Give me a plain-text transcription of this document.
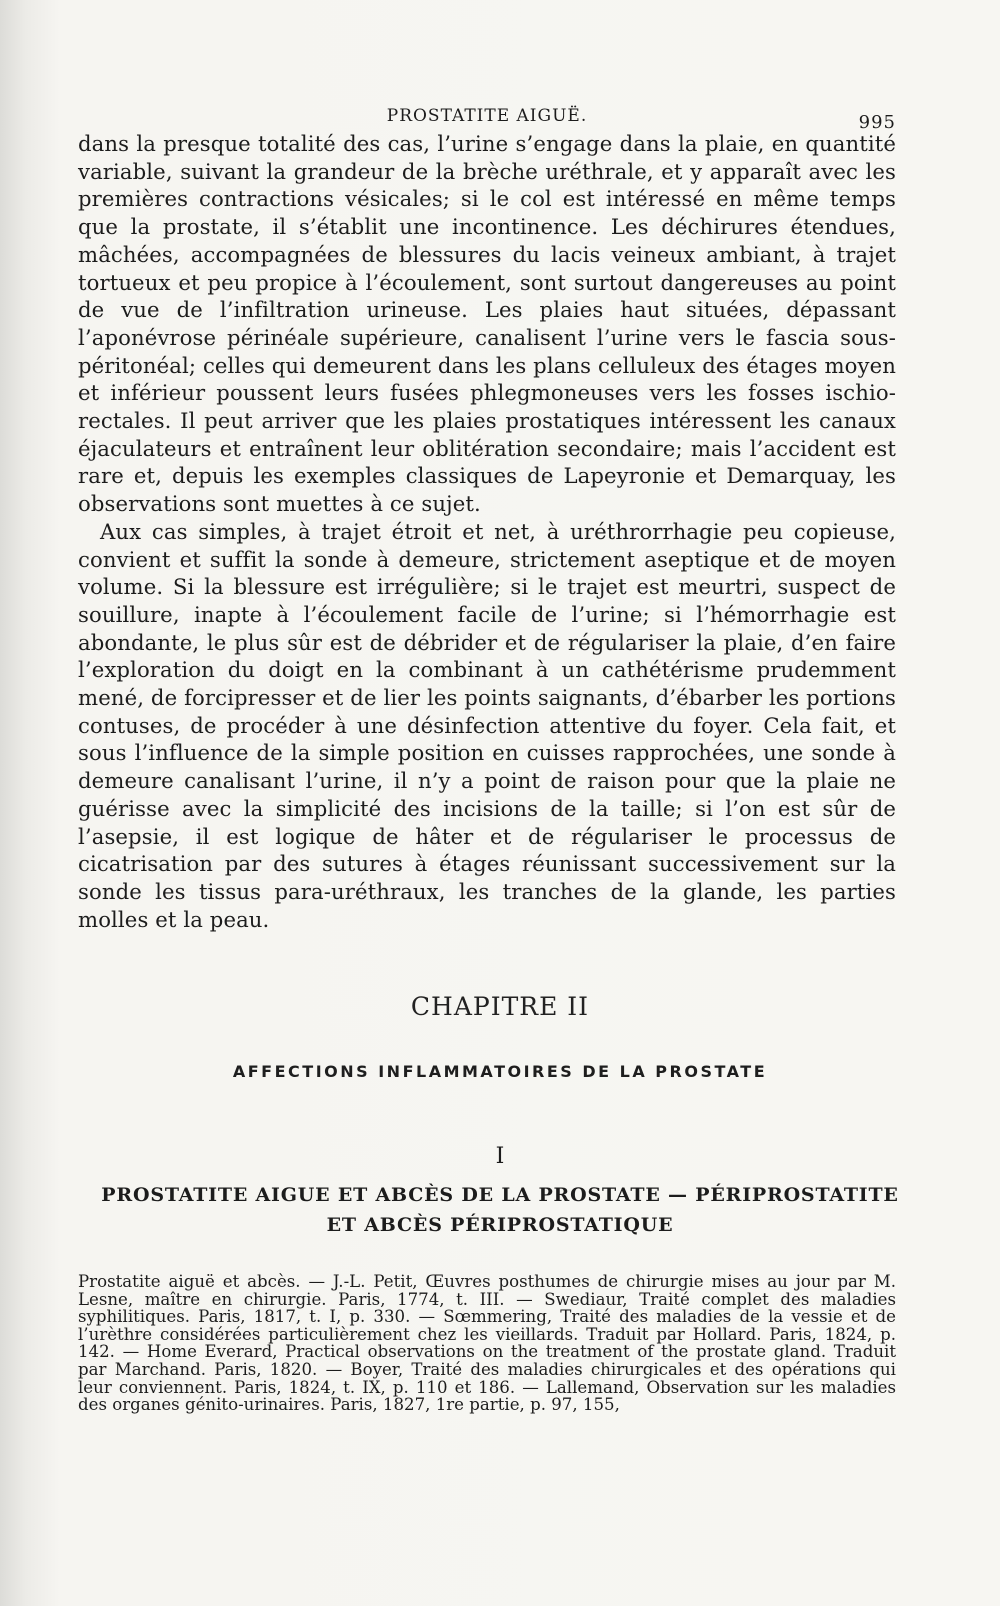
PROSTATITE AIGUË.	995

dans la presque totalité des cas, l’urine s’engage dans la plaie, en quantité variable, suivant la grandeur de la brèche uréthrale, et y apparaît avec les premières contractions vésicales; si le col est intéressé en même temps que la prostate, il s’établit une incontinence. Les déchirures étendues, mâchées, accompagnées de blessures du lacis veineux ambiant, à trajet tortueux et peu propice à l’écoulement, sont surtout dangereuses au point de vue de l’infiltration urineuse. Les plaies haut situées, dépassant l’aponévrose périnéale supérieure, canalisent l’urine vers le fascia sous-péritonéal; celles qui demeurent dans les plans celluleux des étages moyen et inférieur poussent leurs fusées phlegmoneuses vers les fosses ischio-rectales. Il peut arriver que les plaies prostatiques intéressent les canaux éjaculateurs et entraînent leur oblitération secondaire; mais l’accident est rare et, depuis les exemples classiques de Lapeyronie et Demarquay, les observations sont muettes à ce sujet.

Aux cas simples, à trajet étroit et net, à uréthrorrhagie peu copieuse, convient et suffit la sonde à demeure, strictement aseptique et de moyen volume. Si la blessure est irrégulière; si le trajet est meurtri, suspect de souillure, inapte à l’écoulement facile de l’urine; si l’hémorrhagie est abondante, le plus sûr est de débrider et de régulariser la plaie, d’en faire l’exploration du doigt en la combinant à un cathétérisme prudemment mené, de forcipresser et de lier les points saignants, d’ébarber les portions contuses, de procéder à une désinfection attentive du foyer. Cela fait, et sous l’influence de la simple position en cuisses rapprochées, une sonde à demeure canalisant l’urine, il n’y a point de raison pour que la plaie ne guérisse avec la simplicité des incisions de la taille; si l’on est sûr de l’asepsie, il est logique de hâter et de régulariser le processus de cicatrisation par des sutures à étages réunissant successivement sur la sonde les tissus para-uréthraux, les tranches de la glande, les parties molles et la peau.

CHAPITRE II
AFFECTIONS INFLAMMATOIRES DE LA PROSTATE
I
PROSTATITE AIGUE ET ABCÈS DE LA PROSTATE — PÉRIPROSTATITE
ET ABCÈS PÉRIPROSTATIQUE

Prostatite aiguë et abcès. — J.-L. Petit, Œuvres posthumes de chirurgie mises au jour par M. Lesne, maître en chirurgie. Paris, 1774, t. III. — Swediaur, Traité complet des maladies syphilitiques. Paris, 1817, t. I, p. 330. — Sœmmering, Traité des maladies de la vessie et de l’urèthre considérées particulièrement chez les vieillards. Traduit par Hollard. Paris, 1824, p. 142. — Home Everard, Practical observations on the treatment of the prostate gland. Traduit par Marchand. Paris, 1820. — Boyer, Traité des maladies chirurgicales et des opérations qui leur conviennent. Paris, 1824, t. IX, p. 110 et 186. — Lallemand, Observation sur les maladies des organes génito-urinaires. Paris, 1827, 1re partie, p. 97, 155,
